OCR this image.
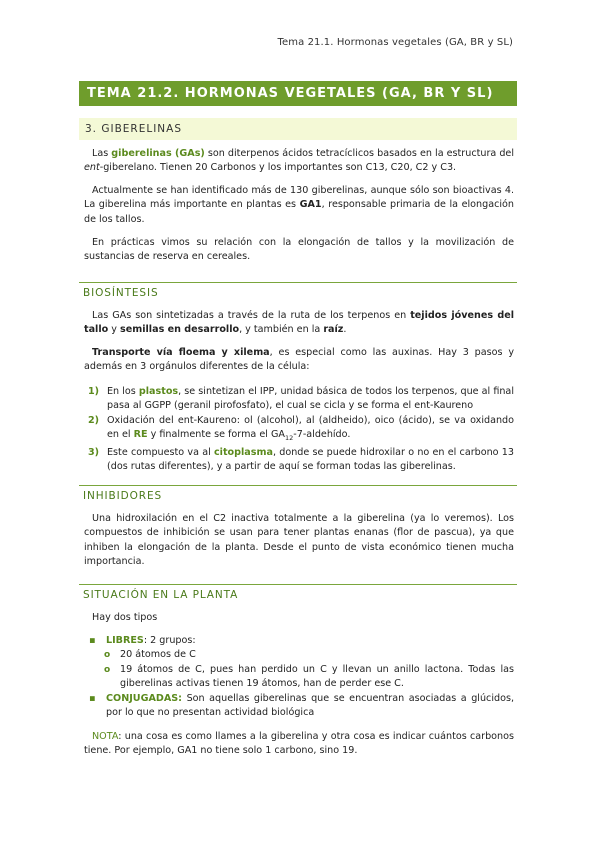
Tema 21.1. Hormonas vegetales (GA, BR y SL)
TEMA 21.2. HORMONAS VEGETALES (GA, BR Y SL)
3. GIBERELINAS
Las giberelinas (GAs) son diterpenos ácidos tetracíclicos basados en la estructura del ent-giberelano. Tienen 20 Carbonos y los importantes son C13, C20, C2 y C3.
Actualmente se han identificado más de 130 giberelinas, aunque sólo son bioactivas 4. La giberelina más importante en plantas es GA1, responsable primaria de la elongación de los tallos.
En prácticas vimos su relación con la elongación de tallos y la movilización de sustancias de reserva en cereales.
BIOSÍNTESIS
Las GAs son sintetizadas a través de la ruta de los terpenos en tejidos jóvenes del tallo y semillas en desarrollo, y también en la raíz.
Transporte vía floema y xilema, es especial como las auxinas. Hay 3 pasos y además en 3 orgánulos diferentes de la célula:
1) En los plastos, se sintetizan el IPP, unidad básica de todos los terpenos, que al final pasa al GGPP (geranil pirofosfato), el cual se cicla y se forma el ent-Kaureno
2) Oxidación del ent-Kaureno: ol (alcohol), al (aldheido), oico (ácido), se va oxidando en el RE y finalmente se forma el $GA_{12}-7$-aldehído.
3) Este compuesto va al citoplasma, donde se puede hidroxilar o no en el carbono 13 (dos rutas diferentes), y a partir de aquí se forman todas las giberelinas.
INHIBIDORES
Una hidroxilación en el C2 inactiva totalmente a la giberelina (ya lo veremos). Los compuestos de inhibición se usan para tener plantas enanas (flor de pascua), ya que inhiben la elongación de la planta. Desde el punto de vista económico tienen mucha importancia.
SITUACIÓN EN LA PLANTA
Hay dos tipos
▪ LIBRES: 2 grupos:
o 20 átomos de C
o 19 átomos de C, pues han perdido un C y llevan un anillo lactona. Todas las giberelinas activas tienen 19 átomos, han de perder ese C.
▪ CONJUGADAS: Son aquellas giberelinas que se encuentran asociadas a glúcidos, por lo que no presentan actividad biológica
NOTA: una cosa es como llames a la giberelina y otra cosa es indicar cuántos carbonos tiene. Por ejemplo, GA1 no tiene solo 1 carbono, sino 19.
